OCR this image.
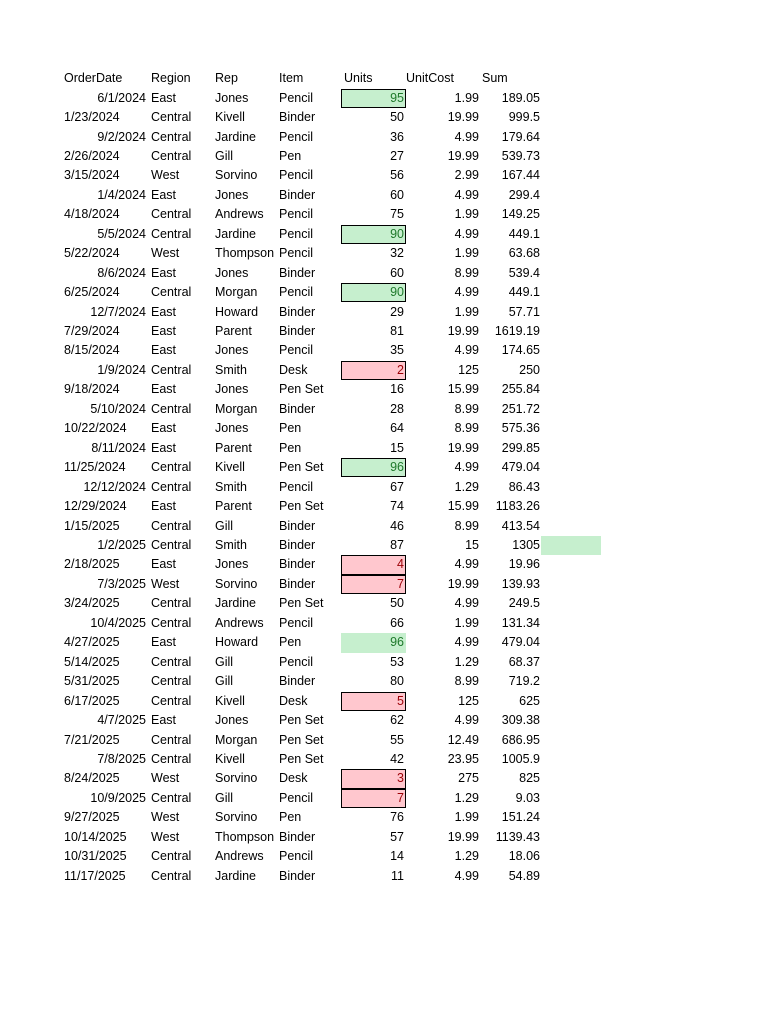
OrderDate	Region	Rep	Item	Units	UnitCost	Sum
6/1/2024 East	Jones	Pencil	95	1.99	189.05
1/23/2024	Central	Kivell	Binder	50	19.99	999.5
9/2/2024 Central	Jardine	Pencil	36	4.99	179.64
2/26/2024	Central	Gill	Pen	27	19.99	539.73
3/15/2024	West	Sorvino	Pencil	56	2.99	167.44
1/4/2024 East	Jones	Binder	60	4.99	299.4
4/18/2024	Central	Andrews	Pencil	75	1.99	149.25
5/5/2024 Central	Jardine	Pencil	90	4.99	449.1
5/22/2024	West	Thompson Pencil	32	1.99	63.68
8/6/2024 East	Jones	Binder	60	8.99	539.4
6/25/2024	Central	Morgan	Pencil	90	4.99	449.1
12/7/2024 East	Howard	Binder	29	1.99	57.71
7/29/2024	East	Parent	Binder	81	19.99	1619.19
8/15/2024	East	Jones	Pencil	35	4.99	174.65
1/9/2024 Central	Smith	Desk	2	125	250
9/18/2024	East	Jones	Pen Set	16	15.99	255.84
5/10/2024 Central	Morgan	Binder	28	8.99	251.72
10/22/2024	East	Jones	Pen	64	8.99	575.36
8/11/2024 East	Parent	Pen	15	19.99	299.85
11/25/2024	Central	Kivell	Pen Set	96	4.99	479.04
12/12/2024 Central	Smith	Pencil	67	1.29	86.43
12/29/2024	East	Parent	Pen Set	74	15.99	1183.26
1/15/2025	Central	Gill	Binder	46	8.99	413.54
1/2/2025 Central	Smith	Binder	87	15	1305
2/18/2025	East	Jones	Binder	4	4.99	19.96
7/3/2025 West	Sorvino	Binder	7	19.99	139.93
3/24/2025	Central	Jardine	Pen Set	50	4.99	249.5
10/4/2025 Central	Andrews	Pencil	66	1.99	131.34
4/27/2025	East	Howard	Pen	96	4.99	479.04
5/14/2025	Central	Gill	Pencil	53	1.29	68.37
5/31/2025	Central	Gill	Binder	80	8.99	719.2
6/17/2025	Central	Kivell	Desk	5	125	625
4/7/2025 East	Jones	Pen Set	62	4.99	309.38
7/21/2025	Central	Morgan	Pen Set	55	12.49	686.95
7/8/2025 Central	Kivell	Pen Set	42	23.95	1005.9
8/24/2025	West	Sorvino	Desk	3	275	825
10/9/2025 Central	Gill	Pencil	7	1.29	9.03
9/27/2025	West	Sorvino	Pen	76	1.99	151.24
10/14/2025	West	Thompson Binder	57	19.99	1139.43
10/31/2025	Central	Andrews	Pencil	14	1.29	18.06
11/17/2025	Central	Jardine	Binder	11	4.99	54.89
